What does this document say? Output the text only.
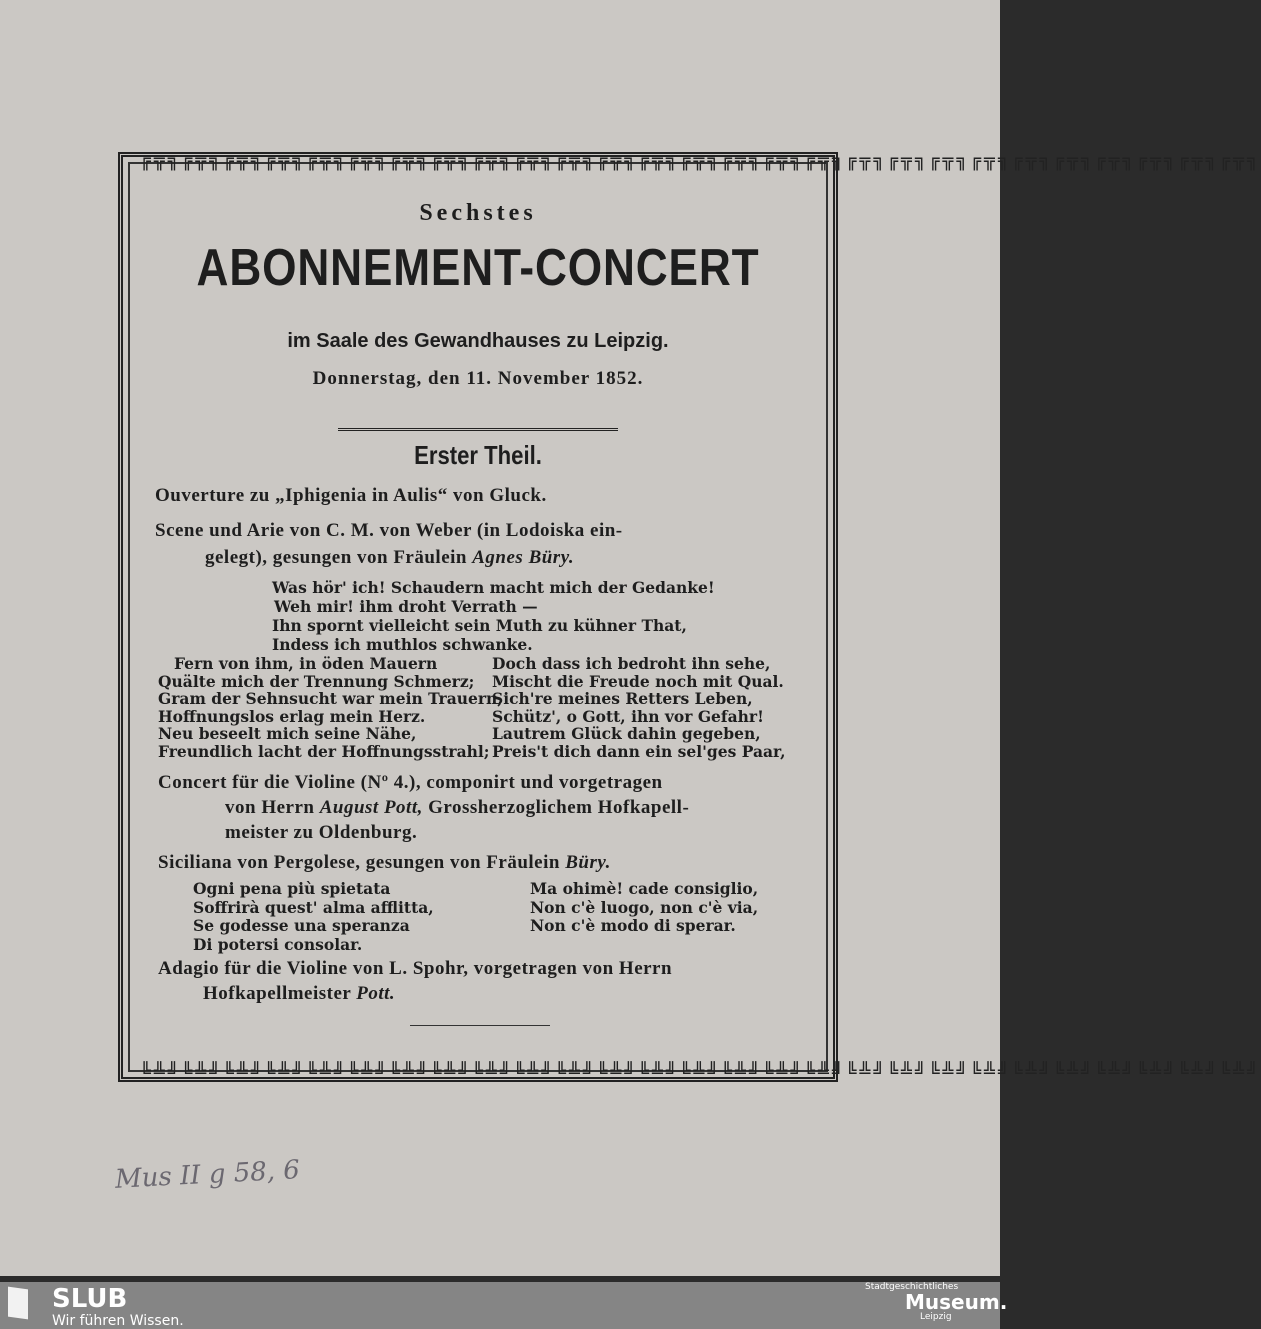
╔╦╗╔╦╗╔╦╗╔╦╗╔╦╗╔╦╗╔╦╗╔╦╗╔╦╗╔╦╗╔╦╗╔╦╗╔╦╗╔╦╗╔╦╗╔╦╗╔╦╗╔╦╗╔╦╗╔╦╗╔╦╗╔╦╗╔╦╗╔╦╗╔╦╗╔╦╗╔╦╗
╚╩╝╚╩╝╚╩╝╚╩╝╚╩╝╚╩╝╚╩╝╚╩╝╚╩╝╚╩╝╚╩╝╚╩╝╚╩╝╚╩╝╚╩╝╚╩╝╚╩╝╚╩╝╚╩╝╚╩╝╚╩╝╚╩╝╚╩╝╚╩╝╚╩╝╚╩╝╚╩╝
Sechstes
ABONNEMENT-CONCERT
im Saale des Gewandhauses zu Leipzig.
Donnerstag, den 11. November 1852.
Erster Theil.
Ouverture zu „Iphigenia in Aulis“ von Gluck.
Scene und Arie von C. M. von Weber (in Lodoiska ein-
gelegt), gesungen von Fräulein Agnes Büry.
Was hör' ich! Schaudern macht mich der Gedanke!
Weh mir! ihm droht Verrath —
Ihn spornt vielleicht sein Muth zu kühner That,
Indess ich muthlos schwanke.
Fern von ihm, in öden Mauern
Quälte mich der Trennung Schmerz;
Gram der Sehnsucht war mein Trauern,
Hoffnungslos erlag mein Herz.
Neu beseelt mich seine Nähe,
Freundlich lacht der Hoffnungsstrahl;
Doch dass ich bedroht ihn sehe,
Mischt die Freude noch mit Qual.
Sich're meines Retters Leben,
Schütz', o Gott, ihn vor Gefahr!
Lautrem Glück dahin gegeben,
Preis't dich dann ein sel'ges Paar,
Concert für die Violine (Nº 4.), componirt und vorgetragen
von Herrn August Pott, Grossherzoglichem Hofkapell-
meister zu Oldenburg.
Siciliana von Pergolese, gesungen von Fräulein Büry.
Ogni pena più spietata
Soffrirà quest' alma afflitta,
Se godesse una speranza
Di potersi consolar.
Ma ohimè! cade consiglio,
Non c'è luogo, non c'è via,
Non c'è modo di sperar.
Adagio für die Violine von L. Spohr, vorgetragen von Herrn
Hofkapellmeister Pott.
Mus II g 58, 6
SLUB
Wir führen Wissen.
Stadtgeschichtliches
Museum.
Leipzig
